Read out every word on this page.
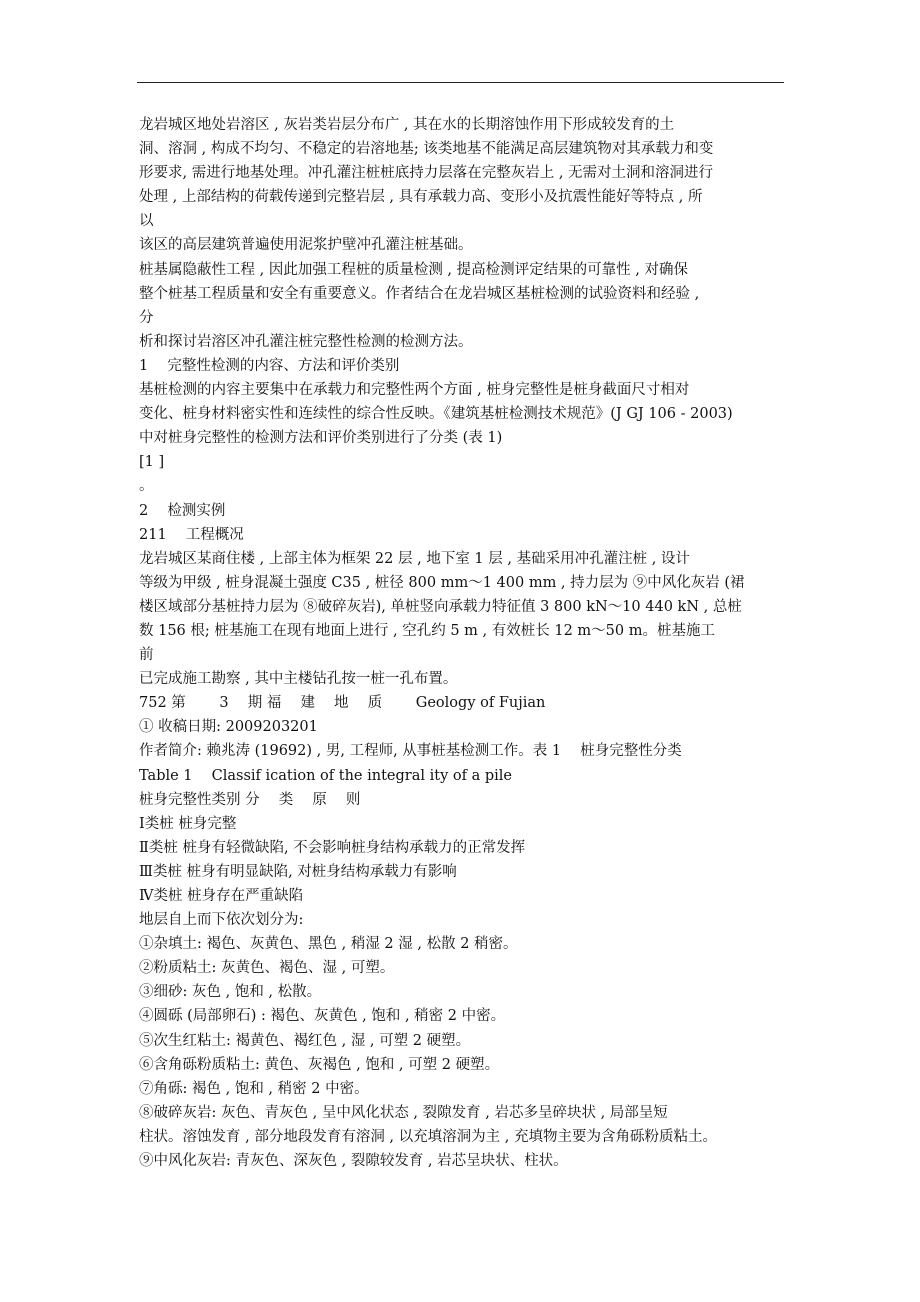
龙岩城区地处岩溶区 , 灰岩类岩层分布广 , 其在水的长期溶蚀作用下形成较发育的土
洞、溶洞 , 构成不均匀、不稳定的岩溶地基; 该类地基不能满足高层建筑物对其承载力和变
形要求, 需进行地基处理。冲孔灌注桩桩底持力层落在完整灰岩上 , 无需对土洞和溶洞进行
处理 , 上部结构的荷载传递到完整岩层 , 具有承载力高、变形小及抗震性能好等特点 , 所
以
该区的高层建筑普遍使用泥浆护壁冲孔灌注桩基础。
桩基属隐蔽性工程 , 因此加强工程桩的质量检测 , 提高检测评定结果的可靠性 , 对确保
整个桩基工程质量和安全有重要意义。作者结合在龙岩城区基桩检测的试验资料和经验 ,
分
析和探讨岩溶区冲孔灌注桩完整性检测的检测方法。
1　 完整性检测的内容、方法和评价类别
基桩检测的内容主要集中在承载力和完整性两个方面 , 桩身完整性是桩身截面尺寸相对
变化、桩身材料密实性和连续性的综合性反映。《建筑基桩检测技术规范》(J GJ 106 - 2003)
中对桩身完整性的检测方法和评价类别进行了分类 (表 1)
[1 ]
。
2　 检测实例
211　 工程概况
龙岩城区某商住楼 , 上部主体为框架 22 层 , 地下室 1 层 , 基础采用冲孔灌注桩 , 设计
等级为甲级 , 桩身混凝土强度 C35 , 桩径 800 mm～1 400 mm , 持力层为 ⑨中风化灰岩 (裙
楼区域部分基桩持力层为 ⑧破碎灰岩), 单桩竖向承载力特征值 3 800 kN～10 440 kN , 总桩
数 156 根; 桩基施工在现有地面上进行 , 空孔约 5 m , 有效桩长 12 m～50 m。桩基施工
前
已完成施工勘察 , 其中主楼钻孔按一桩一孔布置。
752 第　 　3　 期 福　 建　 地　 质　 　Geology of Fujian
① 收稿日期: 2009203201
作者简介: 赖兆涛 (19692) , 男, 工程师, 从事桩基检测工作。表 1　 桩身完整性分类
Table 1　 Classif ication of the integral ity of a pile
桩身完整性类别 分　 类　 原　 则
Ⅰ类桩 桩身完整
Ⅱ类桩 桩身有轻微缺陷, 不会影响桩身结构承载力的正常发挥
Ⅲ类桩 桩身有明显缺陷, 对桩身结构承载力有影响
Ⅳ类桩 桩身存在严重缺陷
地层自上而下依次划分为:
①杂填土: 褐色、灰黄色、黑色 , 稍湿 2 湿 , 松散 2 稍密。
②粉质粘土: 灰黄色、褐色、湿 , 可塑。
③细砂: 灰色 , 饱和 , 松散。
④圆砾 (局部卵石) : 褐色、灰黄色 , 饱和 , 稍密 2 中密。
⑤次生红粘土: 褐黄色、褐红色 , 湿 , 可塑 2 硬塑。
⑥含角砾粉质粘土: 黄色、灰褐色 , 饱和 , 可塑 2 硬塑。
⑦角砾: 褐色 , 饱和 , 稍密 2 中密。
⑧破碎灰岩: 灰色、青灰色 , 呈中风化状态 , 裂隙发育 , 岩芯多呈碎块状 , 局部呈短
柱状。溶蚀发育 , 部分地段发育有溶洞 , 以充填溶洞为主 , 充填物主要为含角砾粉质粘土。
⑨中风化灰岩: 青灰色、深灰色 , 裂隙较发育 , 岩芯呈块状、柱状。
